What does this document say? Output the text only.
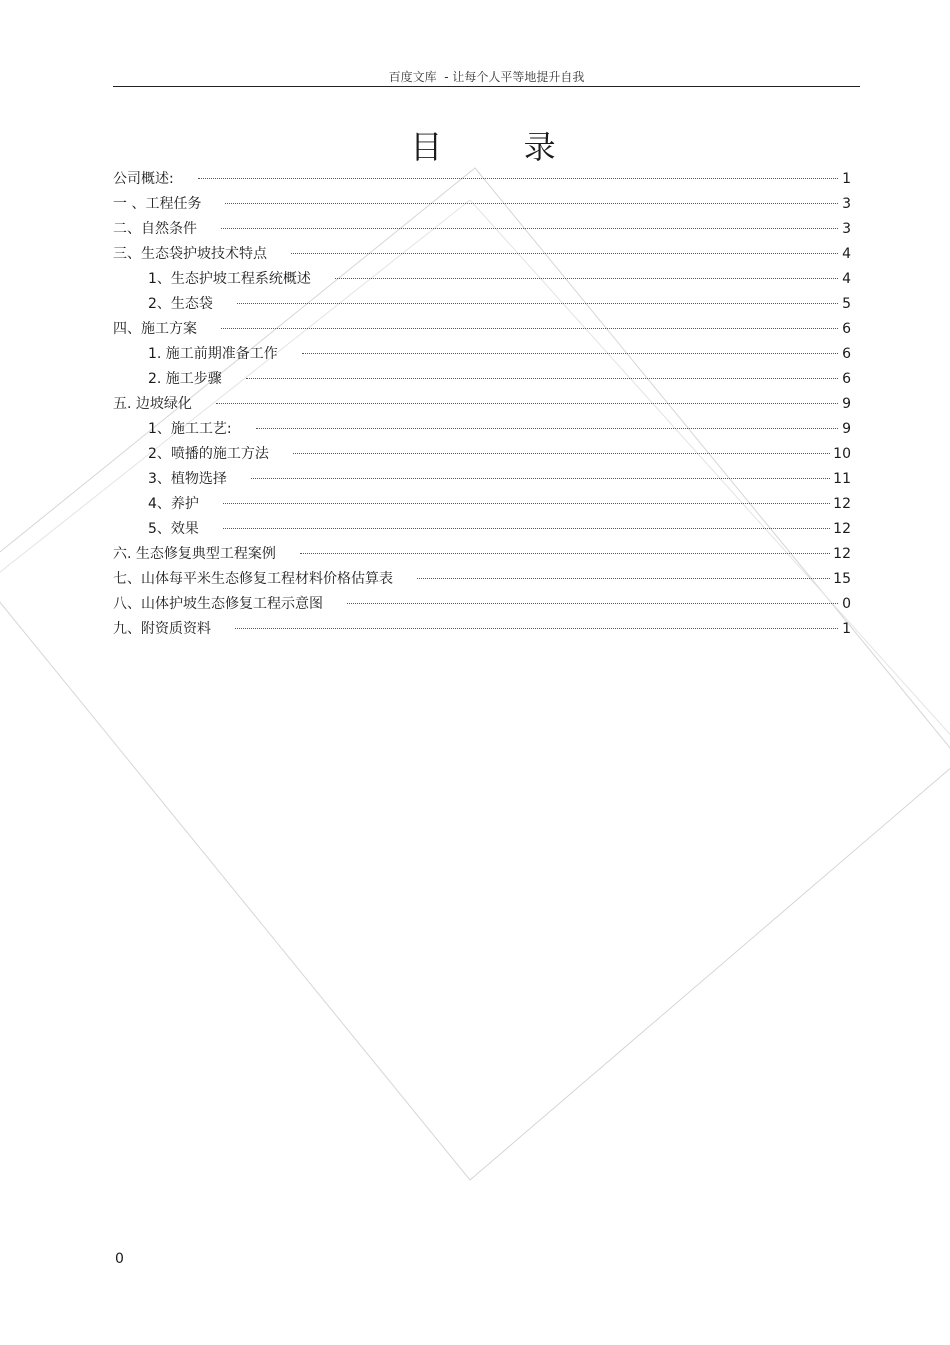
百度文库  - 让每个人平等地提升自我
目        录
公司概述:	1
一 、工程任务	3
二、自然条件	3
三、生态袋护坡技术特点	4
1、生态护坡工程系统概述	4
2、生态袋	5
四、施工方案	6
1. 施工前期准备工作	6
2. 施工步骤	6
五. 边坡绿化	9
1、施工工艺:	9
2、喷播的施工方法	10
3、植物选择	11
4、养护	12
5、效果	12
六. 生态修复典型工程案例	12
七、山体每平米生态修复工程材料价格估算表	15
八、山体护坡生态修复工程示意图	0
九、附资质资料	1
0
